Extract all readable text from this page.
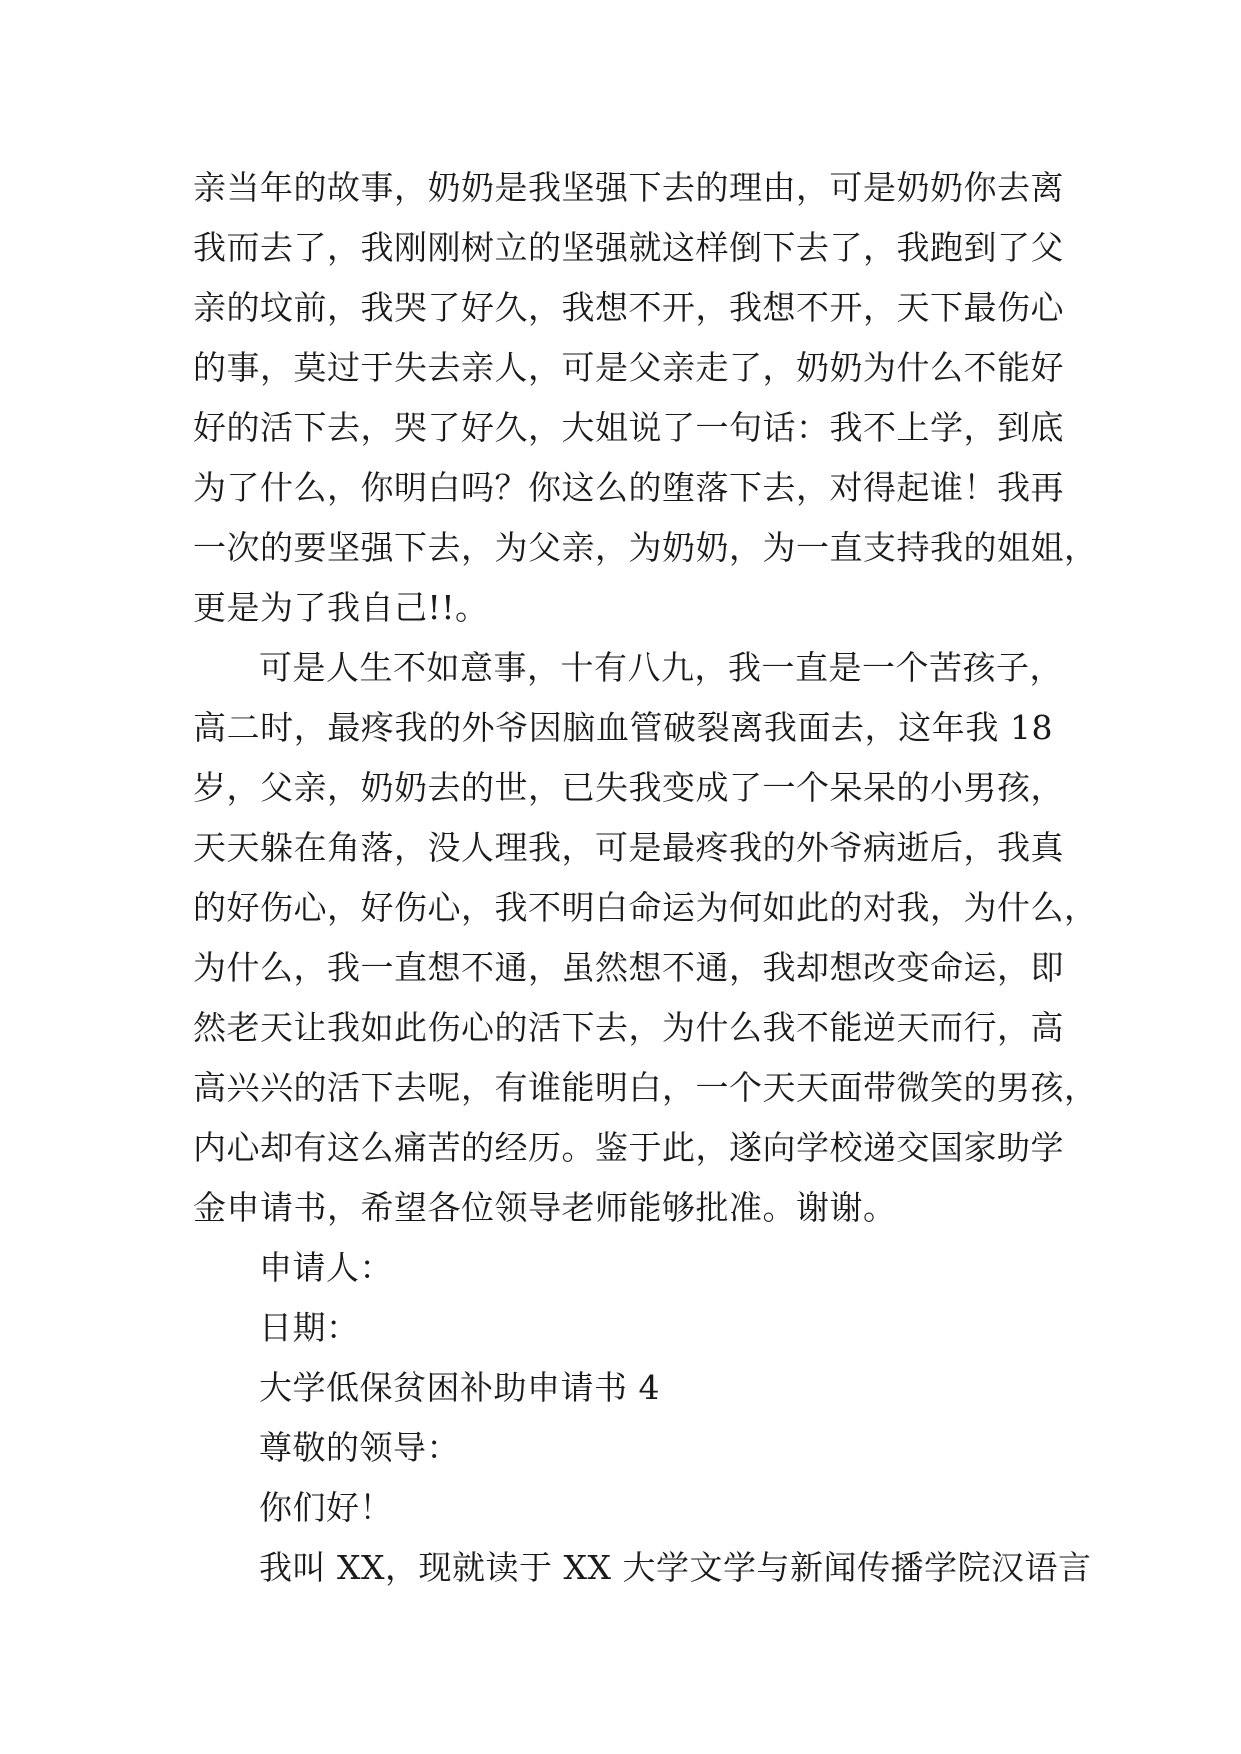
亲当年的故事，奶奶是我坚强下去的理由，可是奶奶你去离
我而去了，我刚刚树立的坚强就这样倒下去了，我跑到了父
亲的坟前，我哭了好久，我想不开，我想不开，天下最伤心
的事，莫过于失去亲人，可是父亲走了，奶奶为什么不能好
好的活下去，哭了好久，大姐说了一句话：我不上学，到底
为了什么，你明白吗？你这么的堕落下去，对得起谁！我再
一次的要坚强下去，为父亲，为奶奶，为一直支持我的姐姐，
更是为了我自己!!。
可是人生不如意事，十有八九，我一直是一个苦孩子，
高二时，最疼我的外爷因脑血管破裂离我面去，这年我 18
岁，父亲，奶奶去的世，已失我变成了一个呆呆的小男孩，
天天躲在角落，没人理我，可是最疼我的外爷病逝后，我真
的好伤心，好伤心，我不明白命运为何如此的对我，为什么，
为什么，我一直想不通，虽然想不通，我却想改变命运，即
然老天让我如此伤心的活下去，为什么我不能逆天而行，高
高兴兴的活下去呢，有谁能明白，一个天天面带微笑的男孩，
内心却有这么痛苦的经历。鉴于此，遂向学校递交国家助学
金申请书，希望各位领导老师能够批准。谢谢。
申请人：
日期：
大学低保贫困补助申请书 4
尊敬的领导：
你们好！
我叫 XX，现就读于 XX 大学文学与新闻传播学院汉语言
